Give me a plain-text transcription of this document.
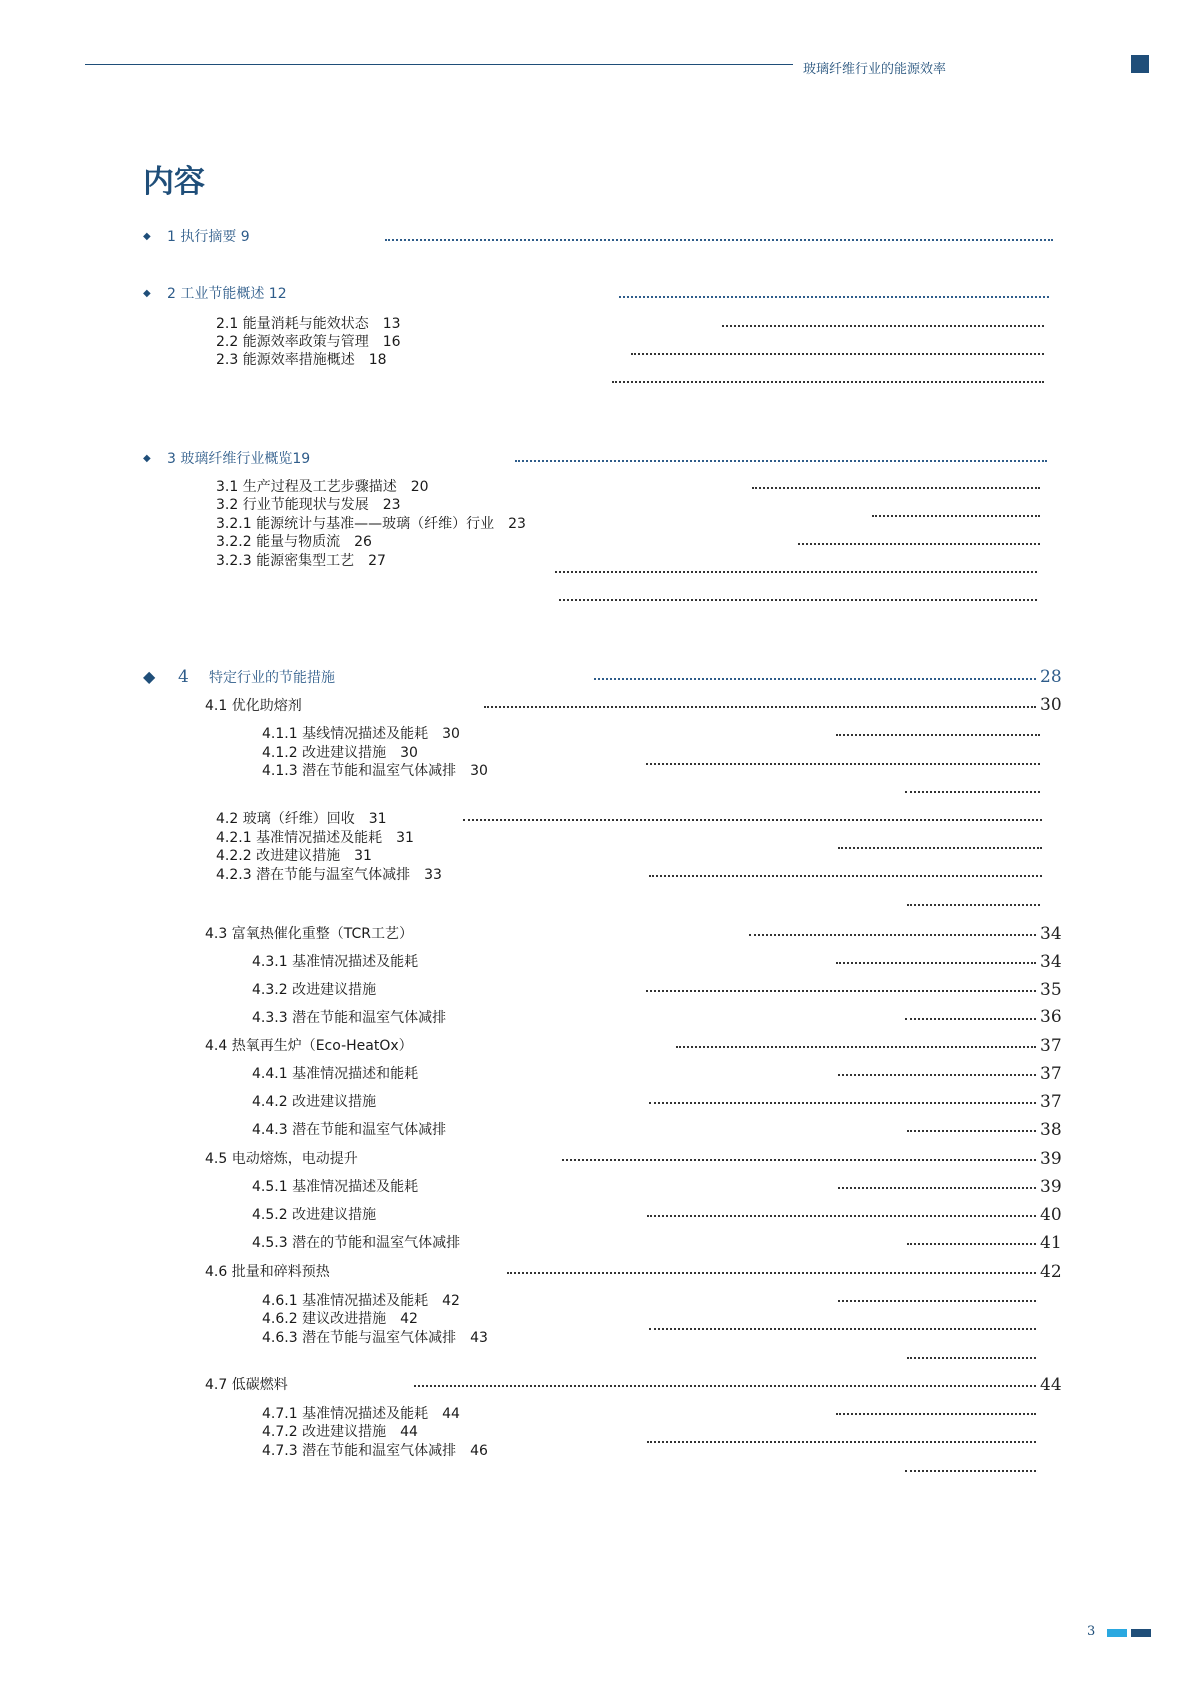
玻璃纤维行业的能源效率
内容
◆ 1 执行摘要 9
◆ 2 工业节能概述 12
2.1 能量消耗与能效状态　13
2.2 能源效率政策与管理　16
2.3 能源效率措施概述　18
◆ 3 玻璃纤维行业概览19
3.1 生产过程及工艺步骤描述　20
3.2 行业节能现状与发展　23
3.2.1 能源统计与基准——玻璃（纤维）行业　23
3.2.2 能量与物质流　26
3.2.3 能源密集型工艺　27
◆ 4 特定行业的节能措施	28
4.1 优化助熔剂	30
4.1.1 基线情况描述及能耗　30
4.1.2 改进建议措施　30
4.1.3 潜在节能和温室气体减排　30
4.2 玻璃（纤维）回收　31
4.2.1 基准情况描述及能耗　31
4.2.2 改进建议措施　31
4.2.3 潜在节能与温室气体减排　33
4.3 富氧热催化重整（TCR工艺）	34
4.3.1 基准情况描述及能耗	34
4.3.2 改进建议措施	35
4.3.3 潜在节能和温室气体减排	36
4.4 热氧再生炉（Eco-HeatOx）	37
4.4.1 基准情况描述和能耗	37
4.4.2 改进建议措施	37
4.4.3 潜在节能和温室气体减排	38
4.5 电动熔炼，电动提升	39
4.5.1 基准情况描述及能耗	39
4.5.2 改进建议措施	40
4.5.3 潜在的节能和温室气体减排	41
4.6 批量和碎料预热	42
4.6.1 基准情况描述及能耗　42
4.6.2 建议改进措施　42
4.6.3 潜在节能与温室气体减排　43
4.7 低碳燃料	44
4.7.1 基准情况描述及能耗　44
4.7.2 改进建议措施　44
4.7.3 潜在节能和温室气体减排　46
3
